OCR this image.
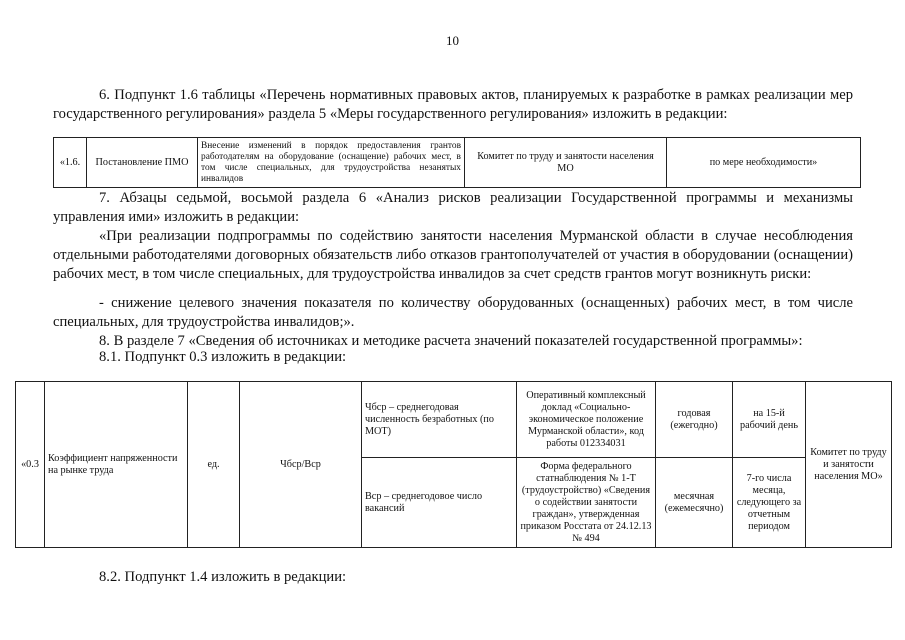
10

6. Подпункт 1.6 таблицы «Перечень нормативных правовых актов, планируемых к разработке в рамках реализации мер государственного регулирования» раздела 5 «Меры государственного регулирования» изложить в редакции:

«1.6.	Постановление ПМО	Внесение изменений в порядок предоставления грантов работодателям на оборудование (оснащение) рабочих мест, в том числе специальных, для трудоустройства незанятых инвалидов	Комитет по труду и занятости населения МО	по мере необходимости»

7. Абзацы седьмой, восьмой раздела 6 «Анализ рисков реализации Государственной программы и механизмы управления ими» изложить в редакции:

«При реализации подпрограммы по содействию занятости населения Мурманской области в случае несоблюдения отдельными работодателями договорных обязательств либо отказов грантополучателей от участия в оборудовании (оснащении) рабочих мест, в том числе специальных, для трудоустройства инвалидов за счет средств грантов могут возникнуть риски:

- снижение целевого значения показателя по количеству оборудованных (оснащенных) рабочих мест, в том числе специальных, для трудоустройства инвалидов;».

8. В разделе 7 «Сведения об источниках и методике расчета значений показателей государственной программы»:

8.1. Подпункт 0.3 изложить в редакции:

«0.3	Коэффициент напряженности на рынке труда	ед.	Чбср/Вср	Чбср – среднегодовая численность безработных (по МОТ)	Оперативный комплексный доклад «Социально-экономическое положение Мурманской области», код работы 012334031	годовая (ежегодно)	на 15-й рабочий день	Комитет по труду и занятости населения МО»
				Вср – среднегодовое число вакансий	Форма федерального статнаблюдения № 1-Т (трудоустройство) «Сведения о содействии занятости граждан», утвержденная приказом Росстата от 24.12.13 № 494	месячная (ежемесячно)	7-го числа месяца, следующего за отчетным периодом	

8.2. Подпункт 1.4 изложить в редакции:
